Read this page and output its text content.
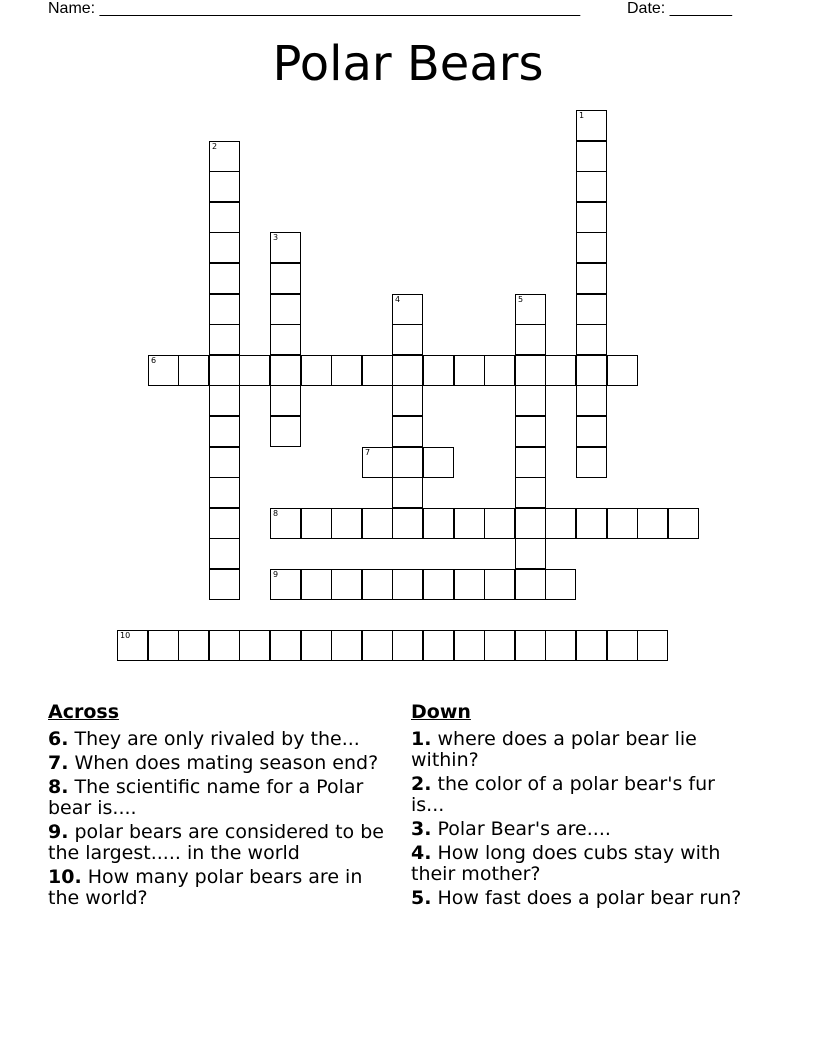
Name: ______________________________________________________	Date: _______
Polar Bears
1
2
3
4	5
6
7
8
9
10
Across
6. They are only rivaled by the...
7. When does mating season end?
8. The scientific name for a Polar bear is....
9. polar bears are considered to be the largest..... in the world
10. How many polar bears are in the world?
Down
1. where does a polar bear lie within?
2. the color of a polar bear's fur is...
3. Polar Bear's are....
4. How long does cubs stay with their mother?
5. How fast does a polar bear run?
